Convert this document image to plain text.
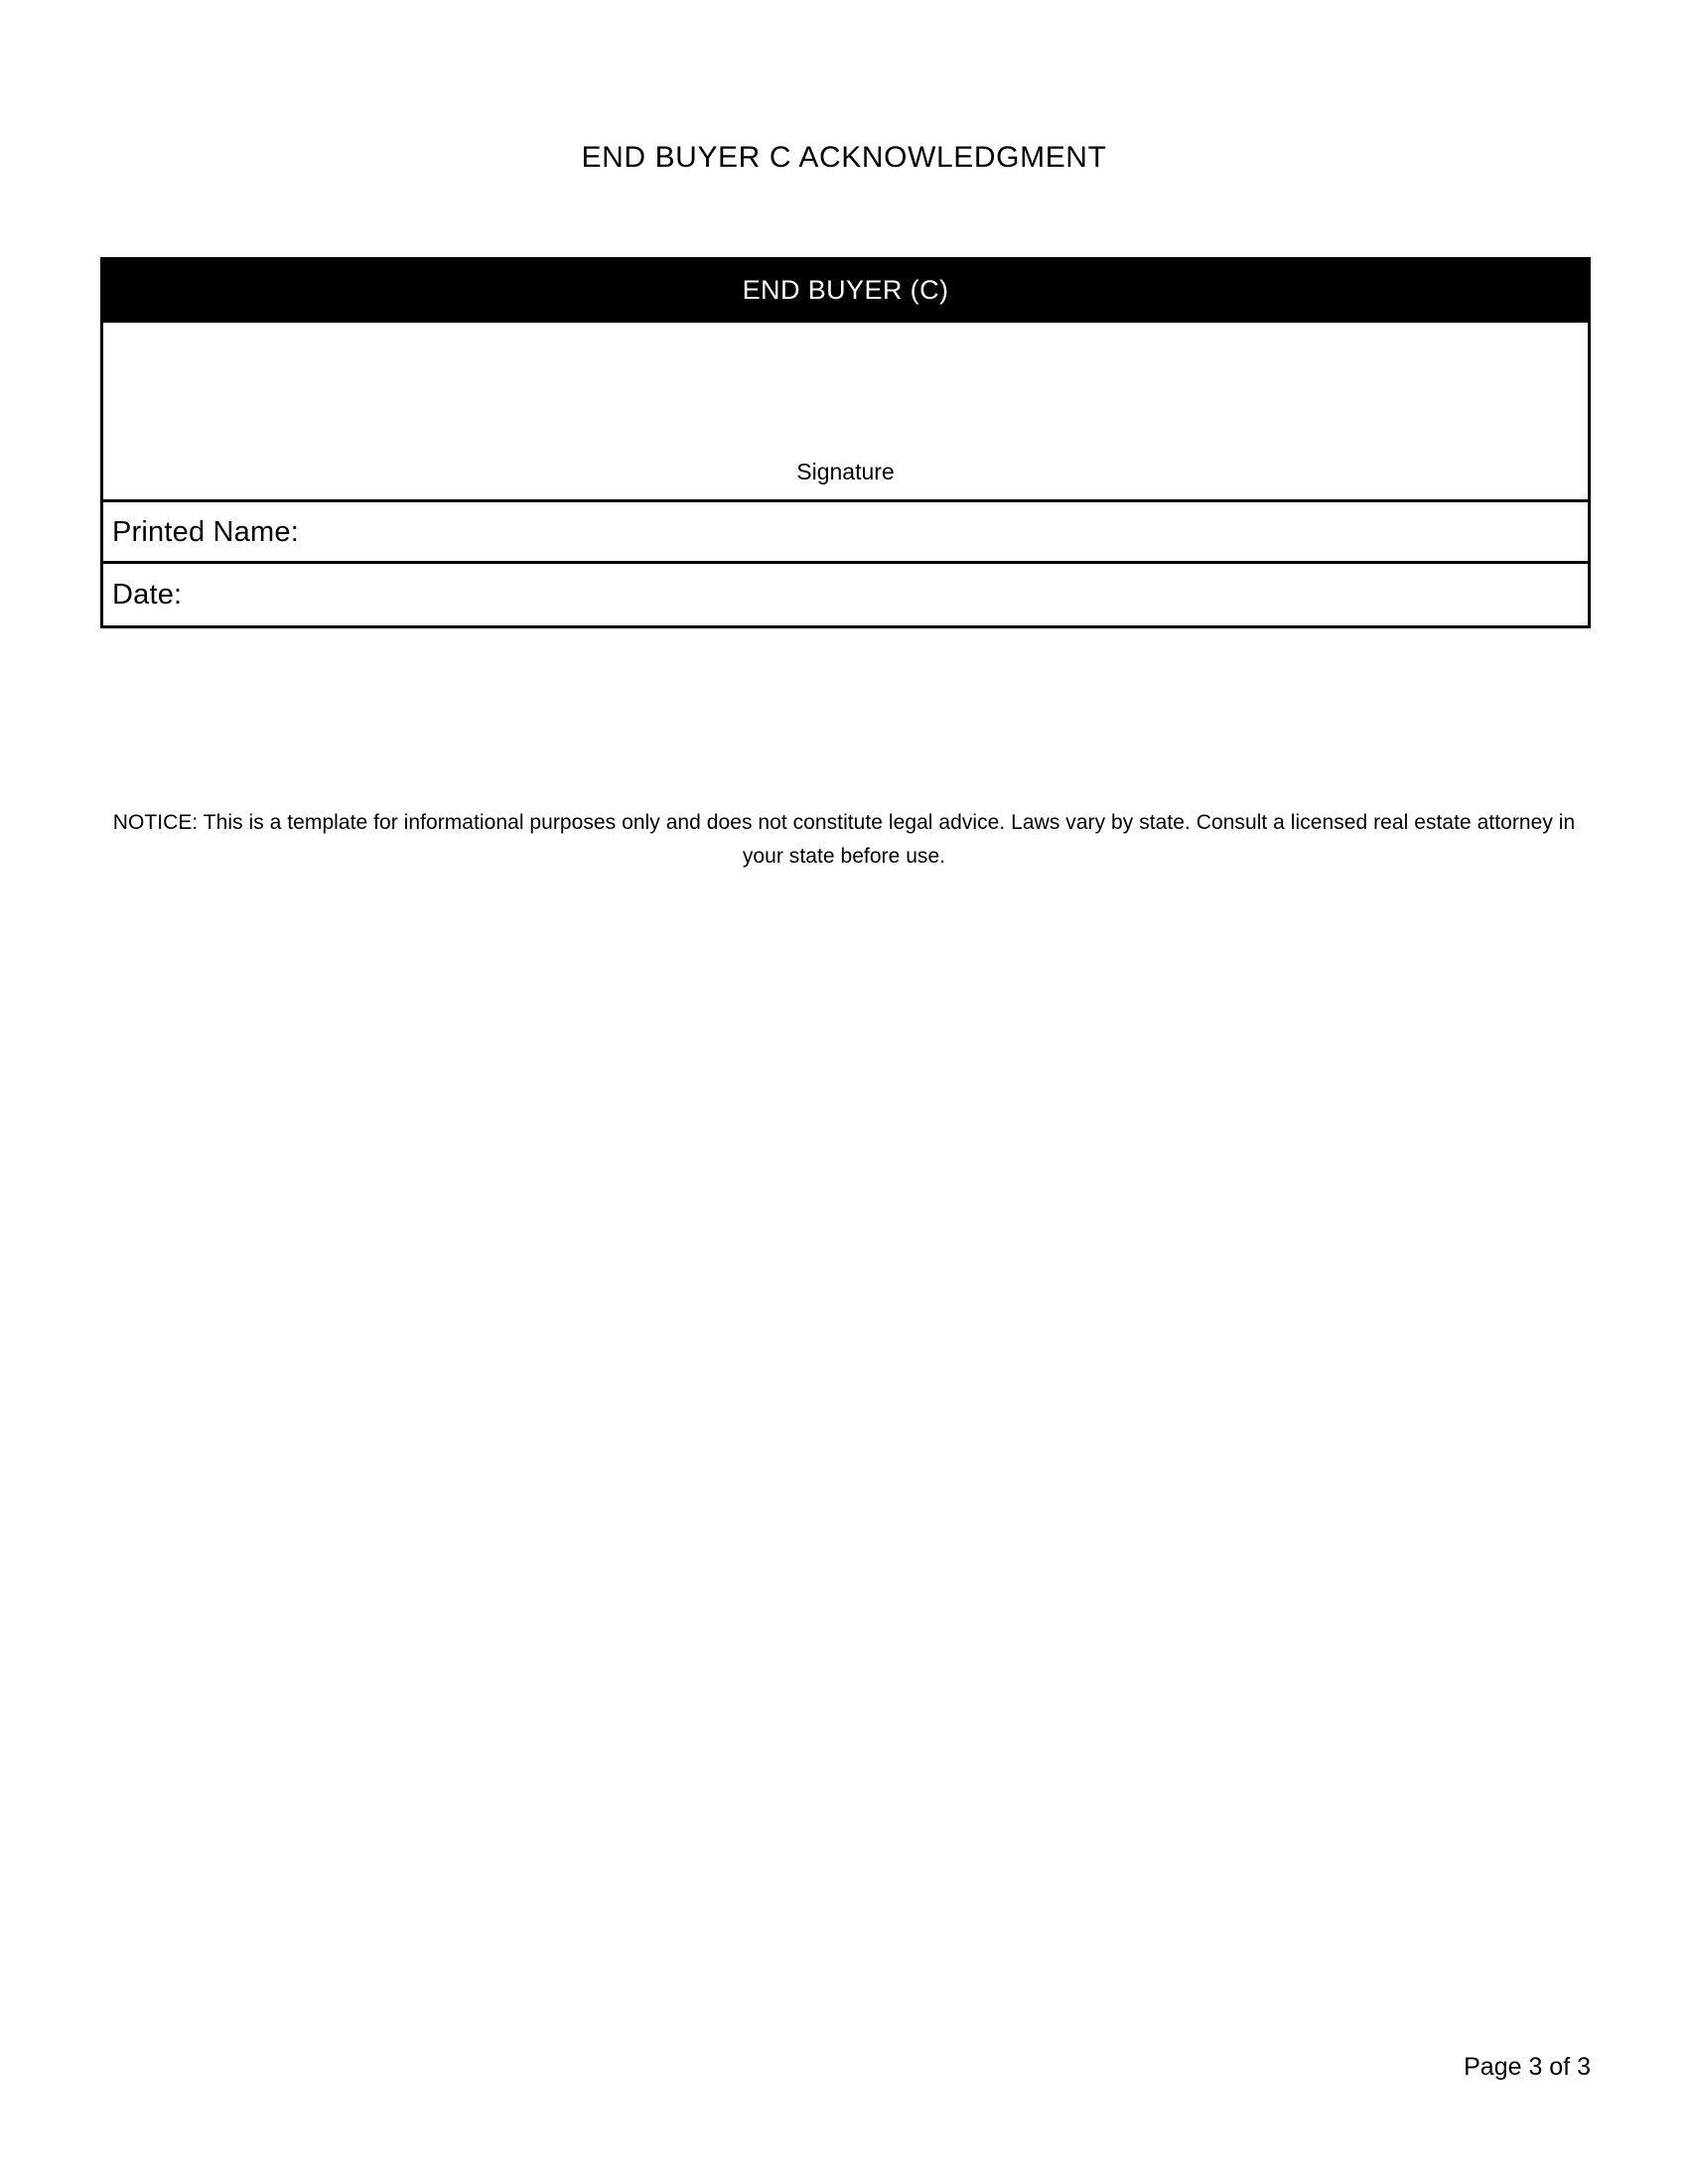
END BUYER C ACKNOWLEDGMENT
END BUYER (C)
Signature
Printed Name:
Date:
NOTICE: This is a template for informational purposes only and does not constitute legal advice. Laws vary by state. Consult a licensed real estate attorney in your state before use.
Page 3 of 3
